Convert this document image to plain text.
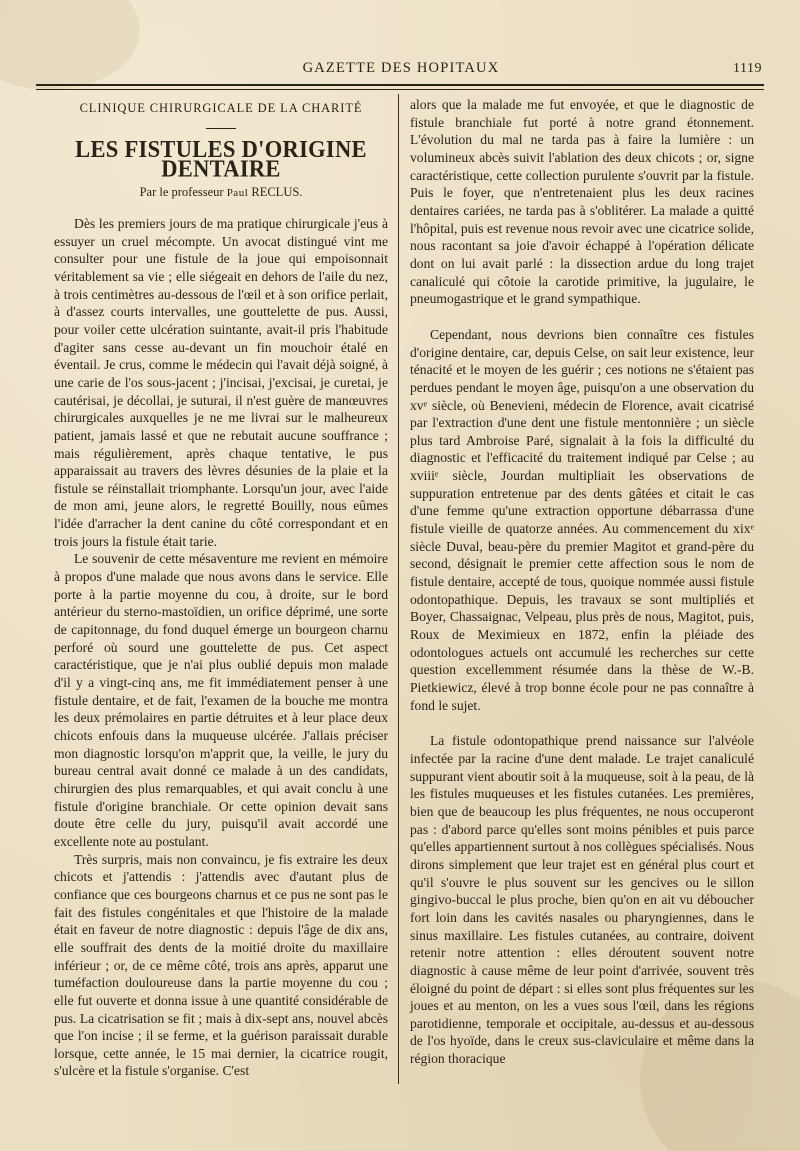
GAZETTE DES HOPITAUX	1119
CLINIQUE CHIRURGICALE DE LA CHARITÉ
LES FISTULES D'ORIGINE DENTAIRE
Par le professeur Paul RECLUS.

Dès les premiers jours de ma pratique chirurgicale j'eus à essuyer un cruel mécompte. Un avocat distingué vint me consulter pour une fistule de la joue qui empoisonnait véritablement sa vie ; elle siégeait en dehors de l'aile du nez, à trois centimètres au-dessous de l'œil et à son orifice perlait, à d'assez courts intervalles, une gouttelette de pus. Aussi, pour voiler cette ulcération suintante, avait-il pris l'habitude d'agiter sans cesse au-devant un fin mouchoir étalé en éventail. Je crus, comme le médecin qui l'avait déjà soigné, à une carie de l'os sous-jacent ; j'incisai, j'excisai, je curetai, je cautérisai, je décollai, je suturai, il n'est guère de manœuvres chirurgicales auxquelles je ne me livrai sur le malheureux patient, jamais lassé et que ne rebutait aucune souffrance ; mais régulièrement, après chaque tentative, le pus apparaissait au travers des lèvres désunies de la plaie et la fistule se réinstallait triomphante. Lorsqu'un jour, avec l'aide de mon ami, jeune alors, le regretté Bouilly, nous eûmes l'idée d'arracher la dent canine du côté correspondant et en trois jours la fistule était tarie.

Le souvenir de cette mésaventure me revient en mémoire à propos d'une malade que nous avons dans le service. Elle porte à la partie moyenne du cou, à droite, sur le bord antérieur du sterno-mastoïdien, un orifice déprimé, une sorte de capitonnage, du fond duquel émerge un bourgeon charnu perforé où sourd une gouttelette de pus. Cet aspect caractéristique, que je n'ai plus oublié depuis mon malade d'il y a vingt-cinq ans, me fit immédiatement penser à une fistule dentaire, et de fait, l'examen de la bouche me montra les deux prémolaires en partie détruites et à leur place deux chicots enfouis dans la muqueuse ulcérée. J'allais préciser mon diagnostic lorsqu'on m'apprit que, la veille, le jury du bureau central avait donné ce malade à un des candidats, chirurgien des plus remarquables, et qui avait conclu à une fistule d'origine branchiale. Or cette opinion devait sans doute être celle du jury, puisqu'il avait accordé une excellente note au postulant.

Très surpris, mais non convaincu, je fis extraire les deux chicots et j'attendis : j'attendis avec d'autant plus de confiance que ces bourgeons charnus et ce pus ne sont pas le fait des fistules congénitales et que l'histoire de la malade était en faveur de notre diagnostic : depuis l'âge de dix ans, elle souffrait des dents de la moitié droite du maxillaire inférieur ; or, de ce même côté, trois ans après, apparut une tuméfaction douloureuse dans la partie moyenne du cou ; elle fut ouverte et donna issue à une quantité considérable de pus. La cicatrisation se fit ; mais à dix-sept ans, nouvel abcès que l'on incise ; il se ferme, et la guérison paraissait durable lorsque, cette année, le 15 mai dernier, la cicatrice rougit, s'ulcère et la fistule s'organise. C'est

alors que la malade me fut envoyée, et que le diagnostic de fistule branchiale fut porté à notre grand étonnement. L'évolution du mal ne tarda pas à faire la lumière : un volumineux abcès suivit l'ablation des deux chicots ; or, signe caractéristique, cette collection purulente s'ouvrit par la fistule. Puis le foyer, que n'entretenaient plus les deux racines dentaires cariées, ne tarda pas à s'oblitérer. La malade a quitté l'hôpital, puis est revenue nous revoir avec une cicatrice solide, nous racontant sa joie d'avoir échappé à l'opération délicate dont on lui avait parlé : la dissection ardue du long trajet canaliculé qui côtoie la carotide primitive, la jugulaire, le pneumogastrique et le grand sympathique.

Cependant, nous devrions bien connaître ces fistules d'origine dentaire, car, depuis Celse, on sait leur existence, leur ténacité et le moyen de les guérir ; ces notions ne s'étaient pas perdues pendant le moyen âge, puisqu'on a une observation du xvᵉ siècle, où Benevieni, médecin de Florence, avait cicatrisé par l'extraction d'une dent une fistule mentonnière ; un siècle plus tard Ambroise Paré, signalait à la fois la difficulté du diagnostic et l'efficacité du traitement indiqué par Celse ; au xviiiᵉ siècle, Jourdan multipliait les observations de suppuration entretenue par des dents gâtées et citait le cas d'une femme qu'une extraction opportune débarrassa d'une fistule vieille de quatorze années. Au commencement du xixᵉ siècle Duval, beau-père du premier Magitot et grand-père du second, désignait le premier cette affection sous le nom de fistule dentaire, accepté de tous, quoique nommée aussi fistule odontopathique. Depuis, les travaux se sont multipliés et Boyer, Chassaignac, Velpeau, plus près de nous, Magitot, puis, Roux de Meximieux en 1872, enfin la pléiade des odontologues actuels ont accumulé les recherches sur cette question excellemment résumée dans la thèse de W.-B. Pietkiewicz, élevé à trop bonne école pour ne pas connaître à fond le sujet.

La fistule odontopathique prend naissance sur l'alvéole infectée par la racine d'une dent malade. Le trajet canaliculé suppurant vient aboutir soit à la muqueuse, soit à la peau, de là les fistules muqueuses et les fistules cutanées. Les premières, bien que de beaucoup les plus fréquentes, ne nous occuperont pas : d'abord parce qu'elles sont moins pénibles et puis parce qu'elles appartiennent surtout à nos collègues spécialisés. Nous dirons simplement que leur trajet est en général plus court et qu'il s'ouvre le plus souvent sur les gencives ou le sillon gingivo-buccal le plus proche, bien qu'on en ait vu déboucher fort loin dans les cavités nasales ou pharyngiennes, dans le sinus maxillaire. Les fistules cutanées, au contraire, doivent retenir notre attention : elles déroutent souvent notre diagnostic à cause même de leur point d'arrivée, souvent très éloigné du point de départ : si elles sont plus fréquentes sur les joues et au menton, on les a vues sous l'œil, dans les régions parotidienne, temporale et occipitale, au-dessus et au-dessous de l'os hyoïde, dans le creux sus-claviculaire et même dans la région thoracique
